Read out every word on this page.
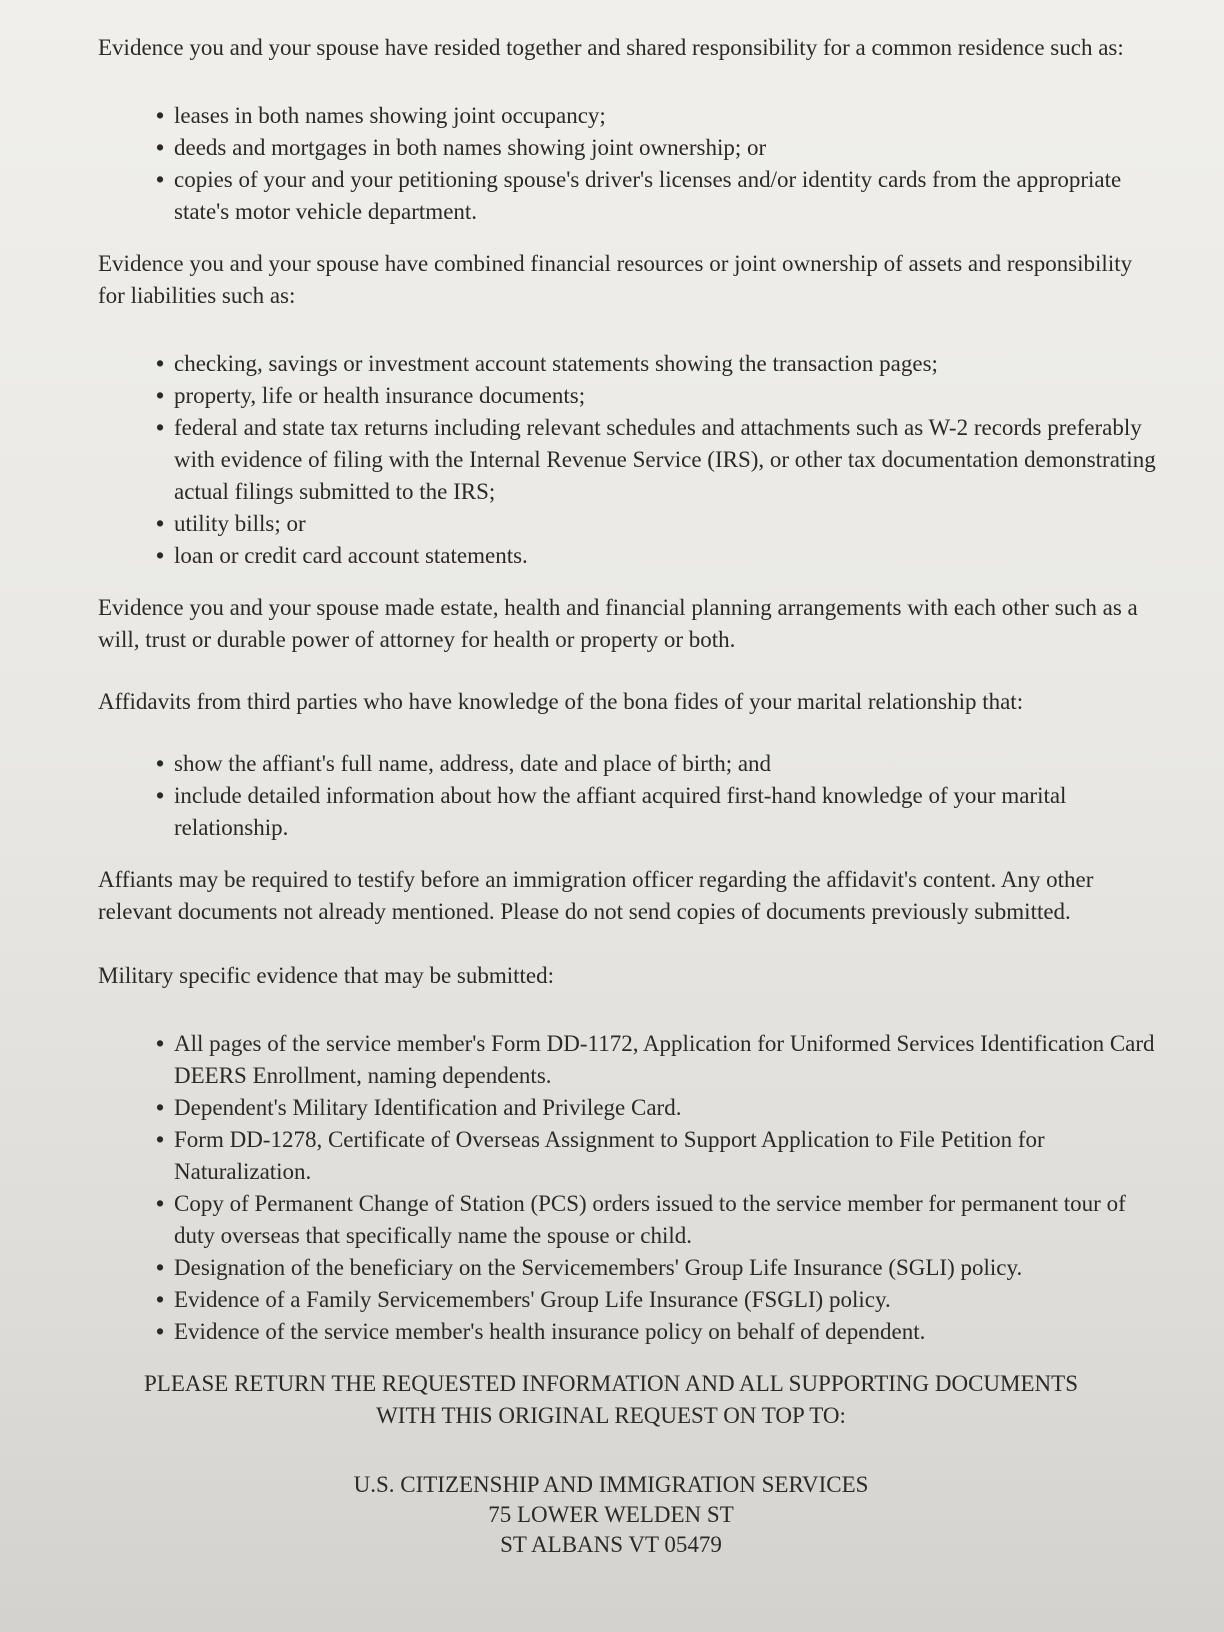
Evidence you and your spouse have resided together and shared responsibility for a common residence such as:

• leases in both names showing joint occupancy;
• deeds and mortgages in both names showing joint ownership; or
• copies of your and your petitioning spouse's driver's licenses and/or identity cards from the appropriate state's motor vehicle department.

Evidence you and your spouse have combined financial resources or joint ownership of assets and responsibility for liabilities such as:

• checking, savings or investment account statements showing the transaction pages;
• property, life or health insurance documents;
• federal and state tax returns including relevant schedules and attachments such as W-2 records preferably with evidence of filing with the Internal Revenue Service (IRS), or other tax documentation demonstrating actual filings submitted to the IRS;
• utility bills; or
• loan or credit card account statements.

Evidence you and your spouse made estate, health and financial planning arrangements with each other such as a will, trust or durable power of attorney for health or property or both.

Affidavits from third parties who have knowledge of the bona fides of your marital relationship that:

• show the affiant's full name, address, date and place of birth; and
• include detailed information about how the affiant acquired first-hand knowledge of your marital relationship.

Affiants may be required to testify before an immigration officer regarding the affidavit's content. Any other relevant documents not already mentioned. Please do not send copies of documents previously submitted.

Military specific evidence that may be submitted:

• All pages of the service member's Form DD-1172, Application for Uniformed Services Identification Card DEERS Enrollment, naming dependents.
• Dependent's Military Identification and Privilege Card.
• Form DD-1278, Certificate of Overseas Assignment to Support Application to File Petition for Naturalization.
• Copy of Permanent Change of Station (PCS) orders issued to the service member for permanent tour of duty overseas that specifically name the spouse or child.
• Designation of the beneficiary on the Servicemembers' Group Life Insurance (SGLI) policy.
• Evidence of a Family Servicemembers' Group Life Insurance (FSGLI) policy.
• Evidence of the service member's health insurance policy on behalf of dependent.
PLEASE RETURN THE REQUESTED INFORMATION AND ALL SUPPORTING DOCUMENTS
WITH THIS ORIGINAL REQUEST ON TOP TO:
U.S. CITIZENSHIP AND IMMIGRATION SERVICES
75 LOWER WELDEN ST
ST ALBANS VT 05479
